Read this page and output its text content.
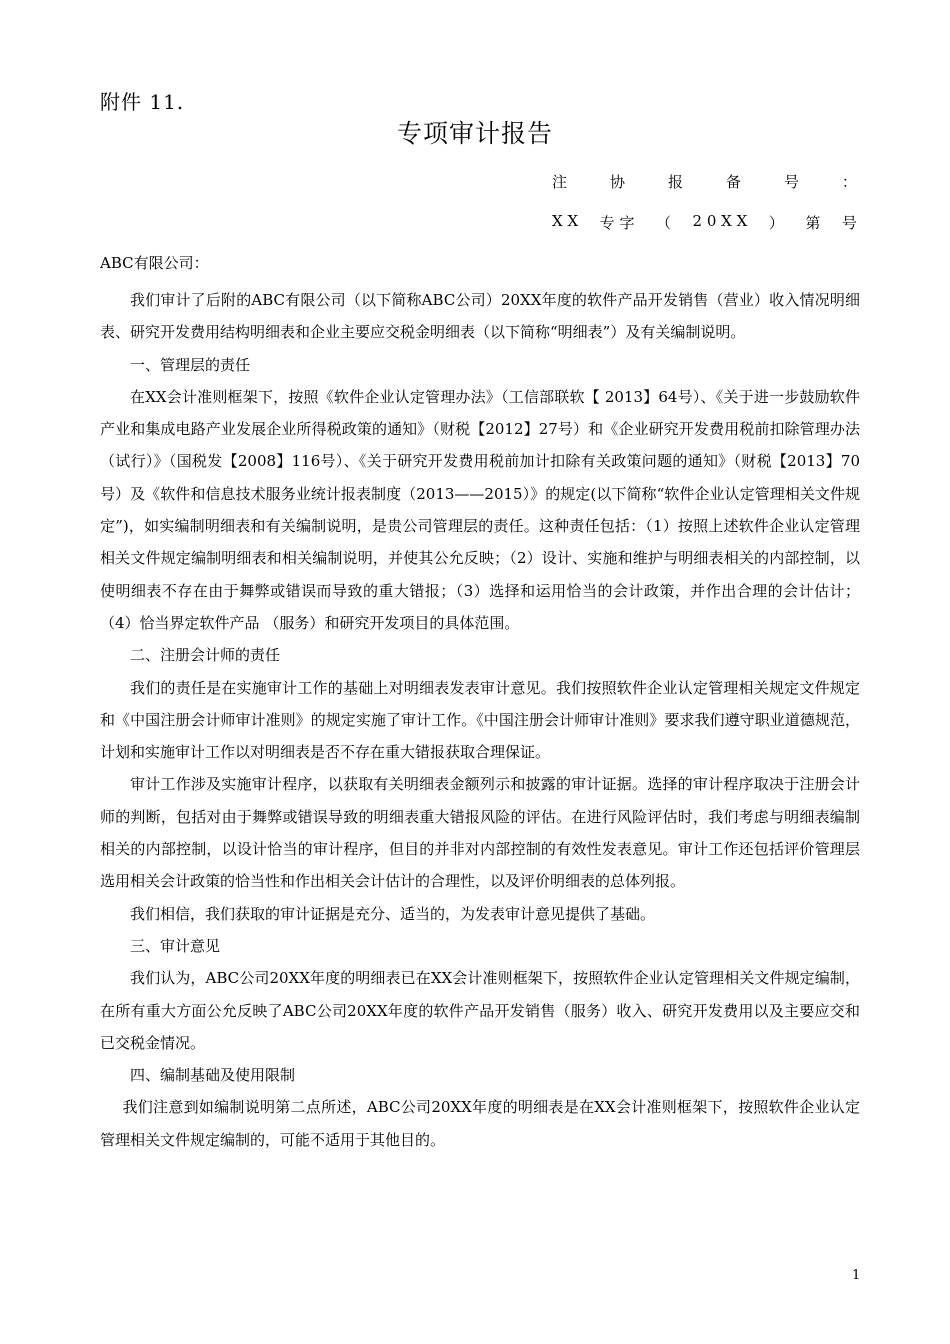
附件 11.
专项审计报告
注	协	报	备	号	：
X X 专 字 （ 2 0 X X ） 第 号
ABC有限公司：

我们审计了后附的ABC有限公司（以下简称ABC公司）20XX年度的软件产品开发销售（营业）收入情况明细表、研究开发费用结构明细表和企业主要应交税金明细表（以下简称“明细表”）及有关编制说明。

一、管理层的责任

在XX会计准则框架下，按照《软件企业认定管理办法》（工信部联软【 2013】64号）、《关于进一步鼓励软件产业和集成电路产业发展企业所得税政策的通知》（财税【2012】27号）和《企业研究开发费用税前扣除管理办法（试行）》（国税发【2008】116号）、《关于研究开发费用税前加计扣除有关政策问题的通知》（财税【2013】70号）及《软件和信息技术服务业统计报表制度（2013——2015）》的规定(以下简称“软件企业认定管理相关文件规定”)，如实编制明细表和有关编制说明，是贵公司管理层的责任。这种责任包括：（1）按照上述软件企业认定管理相关文件规定编制明细表和相关编制说明，并使其公允反映；（2）设计、实施和维护与明细表相关的内部控制，以使明细表不存在由于舞弊或错误而导致的重大错报；（3）选择和运用恰当的会计政策，并作出合理的会计估计；（4）恰当界定软件产品 （服务）和研究开发项目的具体范围。

二、注册会计师的责任

我们的责任是在实施审计工作的基础上对明细表发表审计意见。我们按照软件企业认定管理相关规定文件规定和《中国注册会计师审计准则》的规定实施了审计工作。《中国注册会计师审计准则》要求我们遵守职业道德规范，计划和实施审计工作以对明细表是否不存在重大错报获取合理保证。

审计工作涉及实施审计程序，以获取有关明细表金额列示和披露的审计证据。选择的审计程序取决于注册会计师的判断，包括对由于舞弊或错误导致的明细表重大错报风险的评估。在进行风险评估时，我们考虑与明细表编制相关的内部控制，以设计恰当的审计程序，但目的并非对内部控制的有效性发表意见。审计工作还包括评价管理层选用相关会计政策的恰当性和作出相关会计估计的合理性，以及评价明细表的总体列报。

我们相信，我们获取的审计证据是充分、适当的，为发表审计意见提供了基础。

三、审计意见

我们认为，ABC公司20XX年度的明细表已在XX会计准则框架下，按照软件企业认定管理相关文件规定编制，在所有重大方面公允反映了ABC公司20XX年度的软件产品开发销售（服务）收入、研究开发费用以及主要应交和已交税金情况。

四、编制基础及使用限制

我们注意到如编制说明第二点所述，ABC公司20XX年度的明细表是在XX会计准则框架下，按照软件企业认定管理相关文件规定编制的，可能不适用于其他目的。

1
